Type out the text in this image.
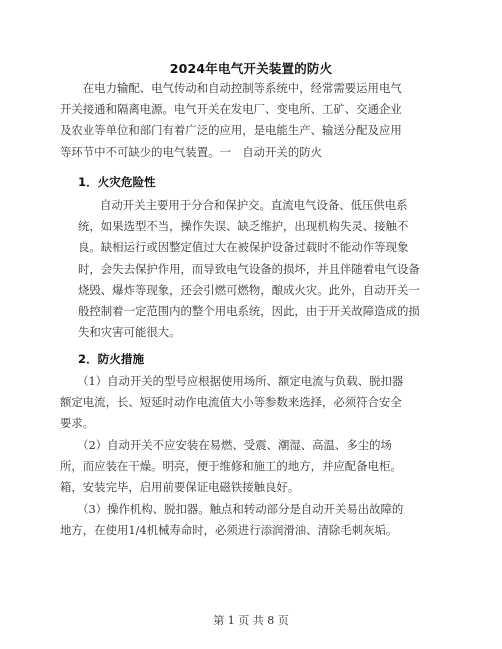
2024年电气开关装置的防火
　　在电力输配、电气传动和自动控制等系统中，经常需要运用电气
开关接通和隔离电源。电气开关在发电厂、变电所、工矿、交通企业
及农业等单位和部门有着广泛的应用，是电能生产、输送分配及应用
等环节中不可缺少的电气装置。一　自动开关的防火
1．火灾危险性
自动开关主要用于分合和保护交。直流电气设备、低压供电系
统，如果选型不当，操作失误、缺乏维护，出现机构失灵、接触不
良。缺相运行或因整定值过大在被保护设备过载时不能动作等现象
时，会失去保护作用，而导致电气设备的损坏，并且伴随着电气设备
烧毁、爆炸等现象，还会引燃可燃物，酿成火灾。此外，自动开关一
般控制着一定范围内的整个用电系统，因此，由于开关故障造成的损
失和灾害可能很大。
2．防火措施
　　（1）自动开关的型号应根据使用场所、额定电流与负载、脱扣器
额定电流，长、短延时动作电流值大小等参数来选择，必须符合安全
要求。
　　（2）自动开关不应安装在易燃、受震、潮湿、高温、多尘的场
所，而应装在干燥。明亮，便于维修和施工的地方，并应配备电柜。
箱，安装完毕，启用前要保证电磁铁接触良好。
　　（3）操作机构、脱扣器。触点和转动部分是自动开关易出故障的
地方，在使用1/4机械寿命时，必须进行添润滑油、清除毛刺灰垢。
第 1 页 共 8 页
